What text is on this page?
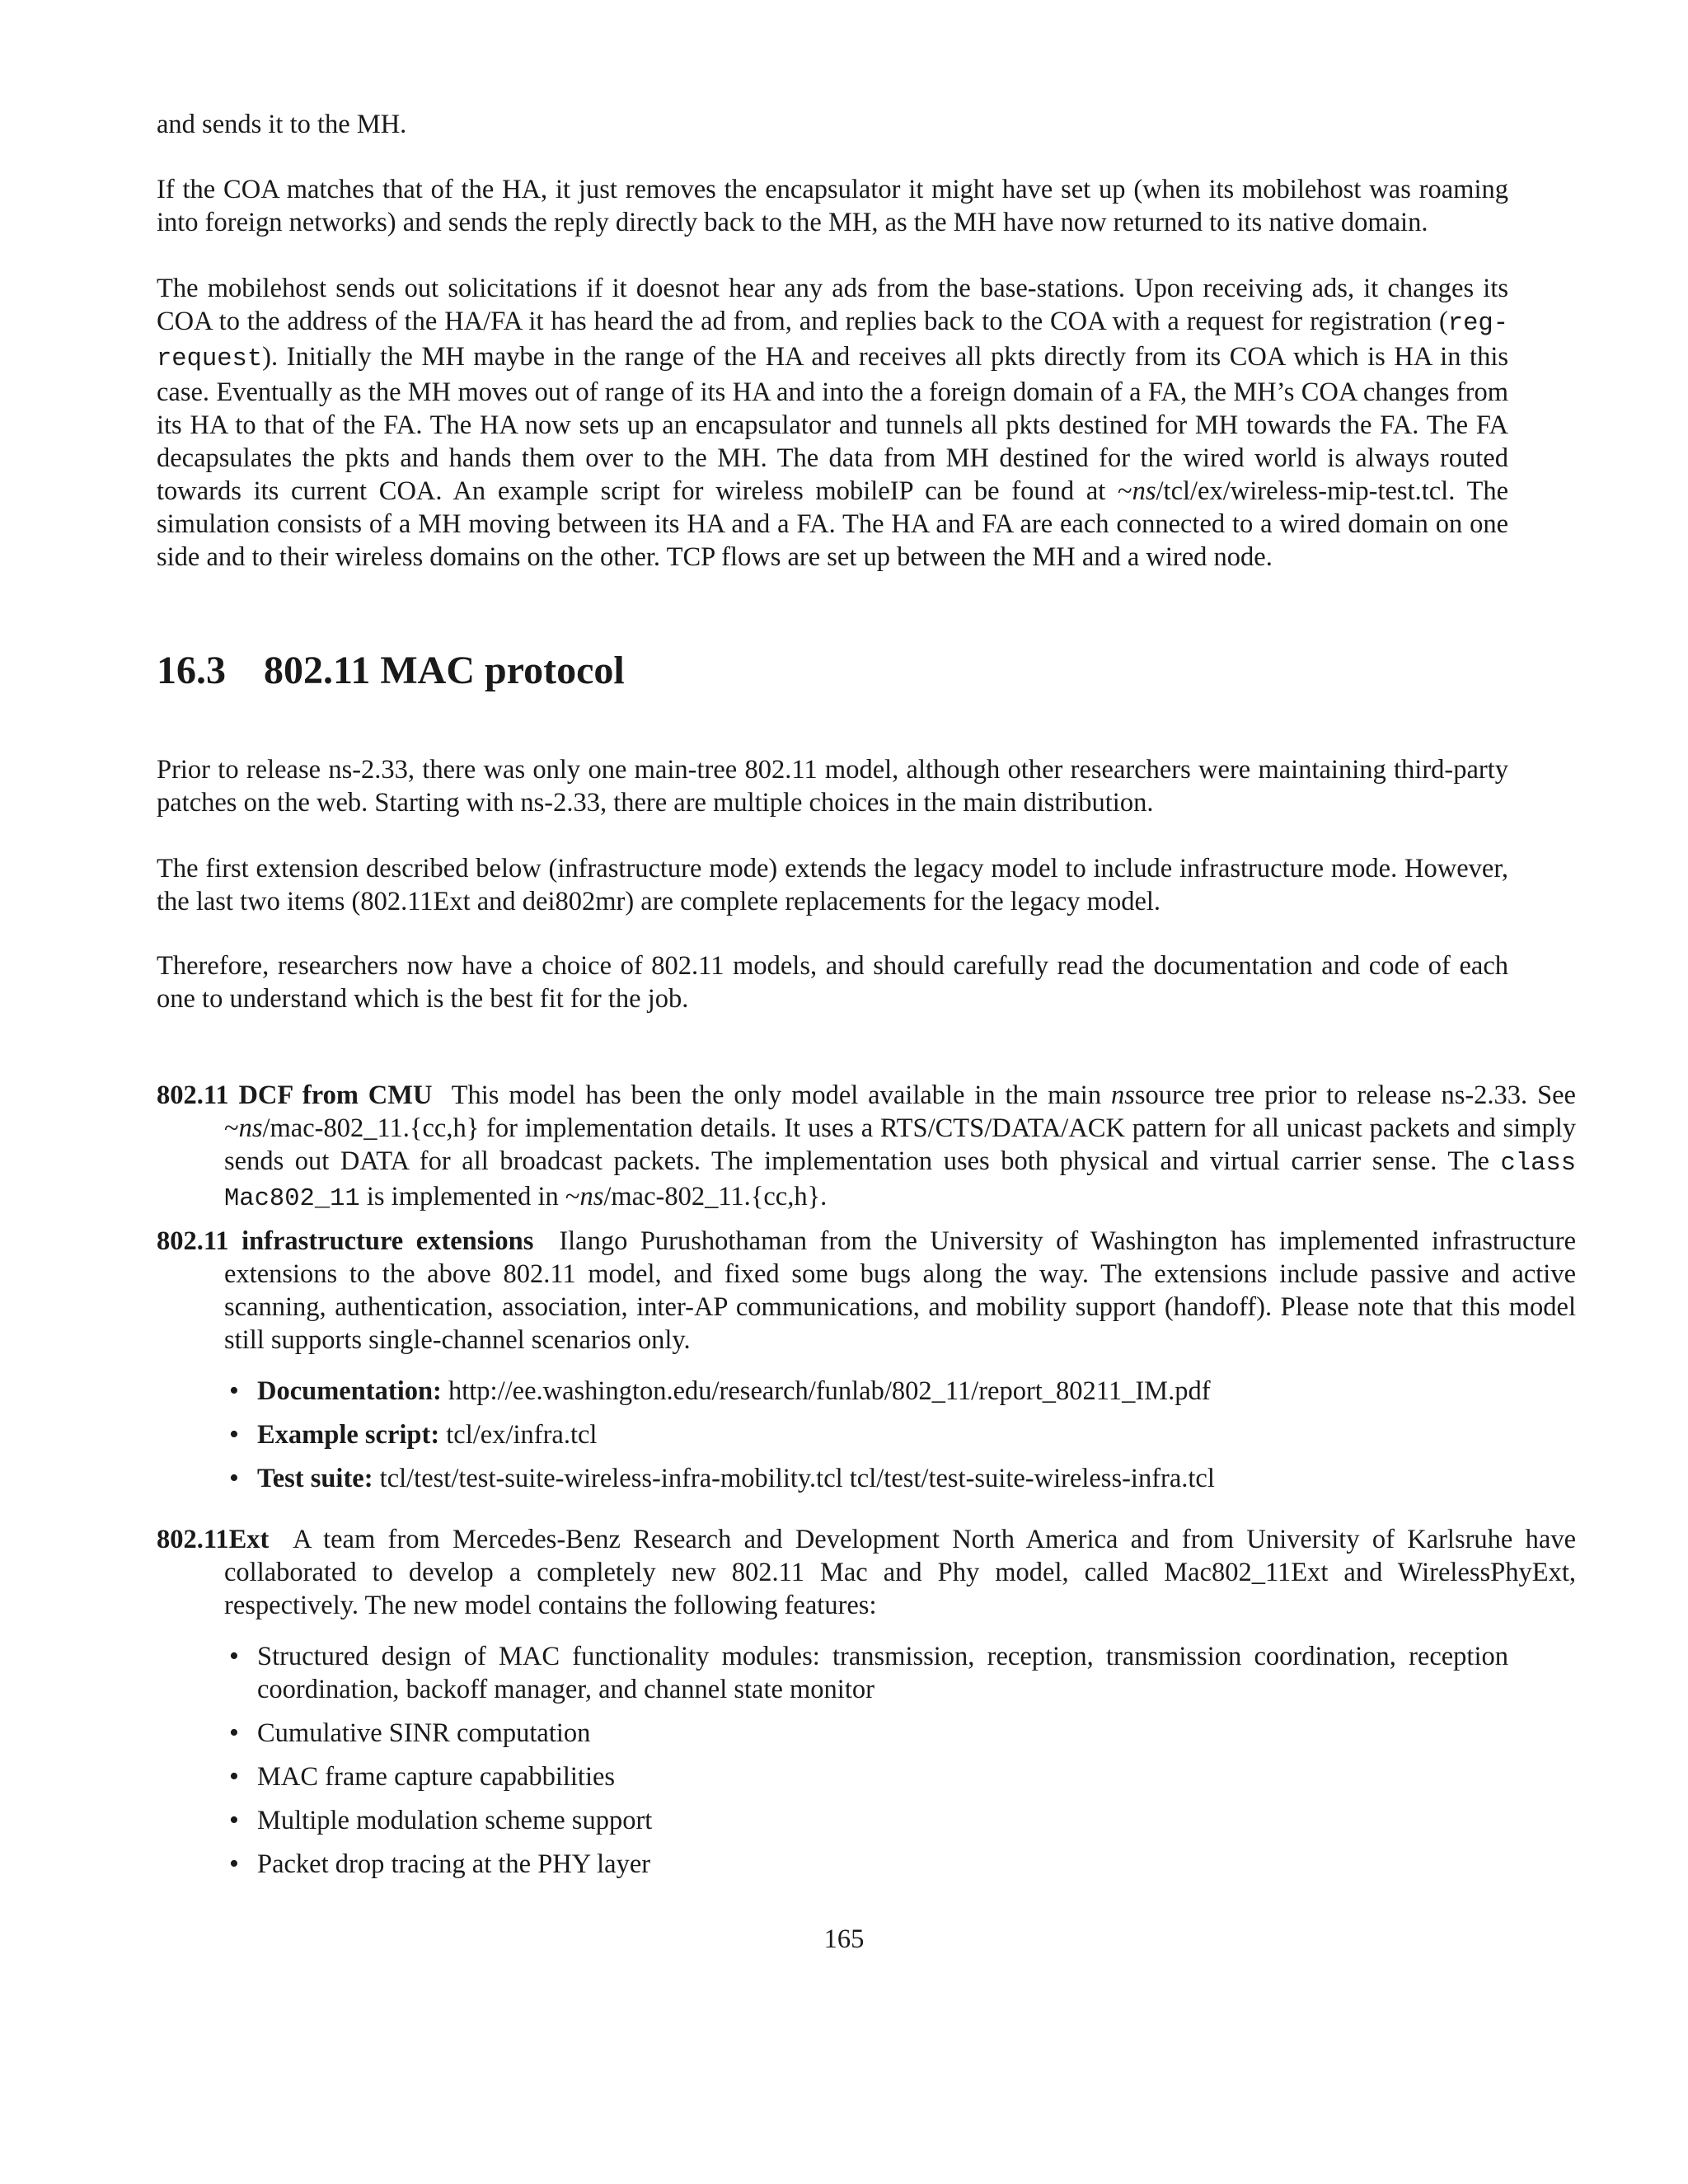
and sends it to the MH.

If the COA matches that of the HA, it just removes the encapsulator it might have set up (when its mobilehost was roaming into foreign networks) and sends the reply directly back to the MH, as the MH have now returned to its native domain.

The mobilehost sends out solicitations if it doesnot hear any ads from the base-stations. Upon receiving ads, it changes its COA to the address of the HA/FA it has heard the ad from, and replies back to the COA with a request for registration (reg-request). Initially the MH maybe in the range of the HA and receives all pkts directly from its COA which is HA in this case. Eventually as the MH moves out of range of its HA and into the a foreign domain of a FA, the MH’s COA changes from its HA to that of the FA. The HA now sets up an encapsulator and tunnels all pkts destined for MH towards the FA. The FA decapsulates the pkts and hands them over to the MH. The data from MH destined for the wired world is always routed towards its current COA. An example script for wireless mobileIP can be found at ~ns/tcl/ex/wireless-mip-test.tcl. The simulation consists of a MH moving between its HA and a FA. The HA and FA are each connected to a wired domain on one side and to their wireless domains on the other. TCP flows are set up between the MH and a wired node.

16.3 802.11 MAC protocol

Prior to release ns-2.33, there was only one main-tree 802.11 model, although other researchers were maintaining third-party patches on the web. Starting with ns-2.33, there are multiple choices in the main distribution.

The first extension described below (infrastructure mode) extends the legacy model to include infrastructure mode. However, the last two items (802.11Ext and dei802mr) are complete replacements for the legacy model.

Therefore, researchers now have a choice of 802.11 models, and should carefully read the documentation and code of each one to understand which is the best fit for the job.

802.11 DCF from CMU This model has been the only model available in the main nssource tree prior to release ns-2.33. See ~ns/mac-802_11.{cc,h} for implementation details. It uses a RTS/CTS/DATA/ACK pattern for all unicast packets and simply sends out DATA for all broadcast packets. The implementation uses both physical and virtual carrier sense. The class Mac802_11 is implemented in ~ns/mac-802_11.{cc,h}.

802.11 infrastructure extensions Ilango Purushothaman from the University of Washington has implemented infrastructure extensions to the above 802.11 model, and fixed some bugs along the way. The extensions include passive and active scanning, authentication, association, inter-AP communications, and mobility support (handoff). Please note that this model still supports single-channel scenarios only.

• Documentation: http://ee.washington.edu/research/funlab/802_11/report_80211_IM.pdf
• Example script: tcl/ex/infra.tcl
• Test suite: tcl/test/test-suite-wireless-infra-mobility.tcl tcl/test/test-suite-wireless-infra.tcl

802.11Ext A team from Mercedes-Benz Research and Development North America and from University of Karlsruhe have collaborated to develop a completely new 802.11 Mac and Phy model, called Mac802_11Ext and WirelessPhyExt, respectively. The new model contains the following features:

• Structured design of MAC functionality modules: transmission, reception, transmission coordination, reception coordination, backoff manager, and channel state monitor
• Cumulative SINR computation
• MAC frame capture capabbilities
• Multiple modulation scheme support
• Packet drop tracing at the PHY layer
165
